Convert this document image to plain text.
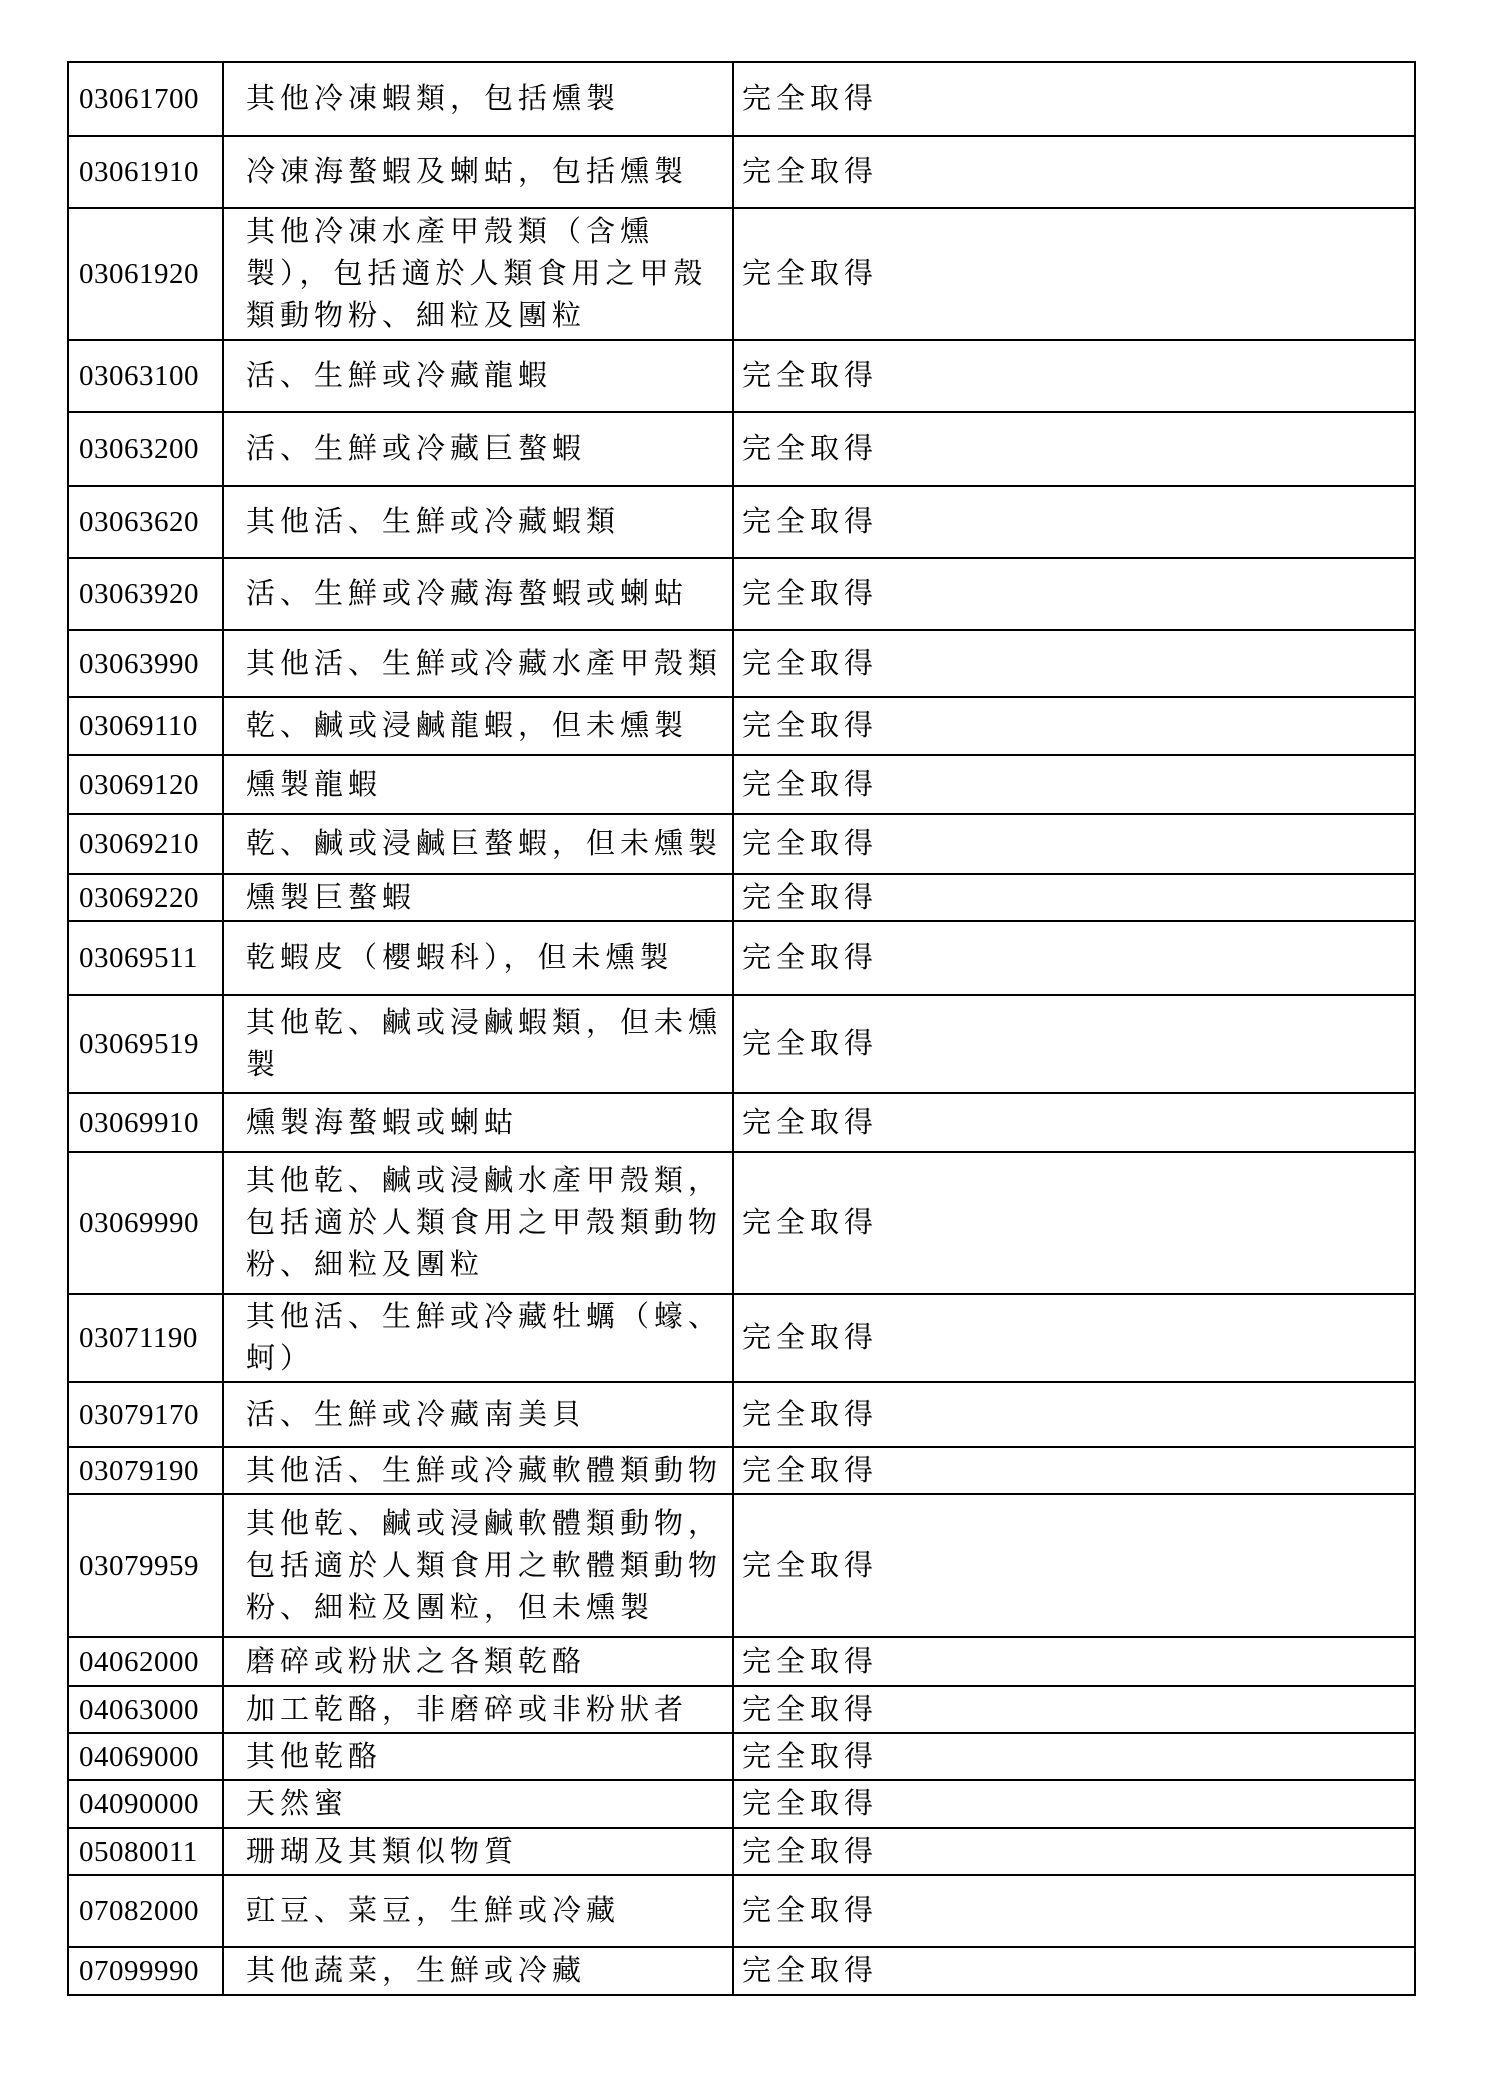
03061700	其他冷凍蝦類，包括燻製	完全取得
03061910	冷凍海螯蝦及蝲蛄，包括燻製	完全取得
03061920	其他冷凍水產甲殼類（含燻製），包括適於人類食用之甲殼類動物粉、細粒及團粒	完全取得
03063100	活、生鮮或冷藏龍蝦	完全取得
03063200	活、生鮮或冷藏巨螯蝦	完全取得
03063620	其他活、生鮮或冷藏蝦類	完全取得
03063920	活、生鮮或冷藏海螯蝦或蝲蛄	完全取得
03063990	其他活、生鮮或冷藏水產甲殼類	完全取得
03069110	乾、鹹或浸鹹龍蝦，但未燻製	完全取得
03069120	燻製龍蝦	完全取得
03069210	乾、鹹或浸鹹巨螯蝦，但未燻製	完全取得
03069220	燻製巨螯蝦	完全取得
03069511	乾蝦皮（櫻蝦科），但未燻製	完全取得
03069519	其他乾、鹹或浸鹹蝦類，但未燻製	完全取得
03069910	燻製海螯蝦或蝲蛄	完全取得
03069990	其他乾、鹹或浸鹹水產甲殼類，包括適於人類食用之甲殼類動物粉、細粒及團粒	完全取得
03071190	其他活、生鮮或冷藏牡蠣（蠔、蚵）	完全取得
03079170	活、生鮮或冷藏南美貝	完全取得
03079190	其他活、生鮮或冷藏軟體類動物	完全取得
03079959	其他乾、鹹或浸鹹軟體類動物，包括適於人類食用之軟體類動物粉、細粒及團粒，但未燻製	完全取得
04062000	磨碎或粉狀之各類乾酪	完全取得
04063000	加工乾酪，非磨碎或非粉狀者	完全取得
04069000	其他乾酪	完全取得
04090000	天然蜜	完全取得
05080011	珊瑚及其類似物質	完全取得
07082000	豇豆、菜豆，生鮮或冷藏	完全取得
07099990	其他蔬菜，生鮮或冷藏	完全取得
